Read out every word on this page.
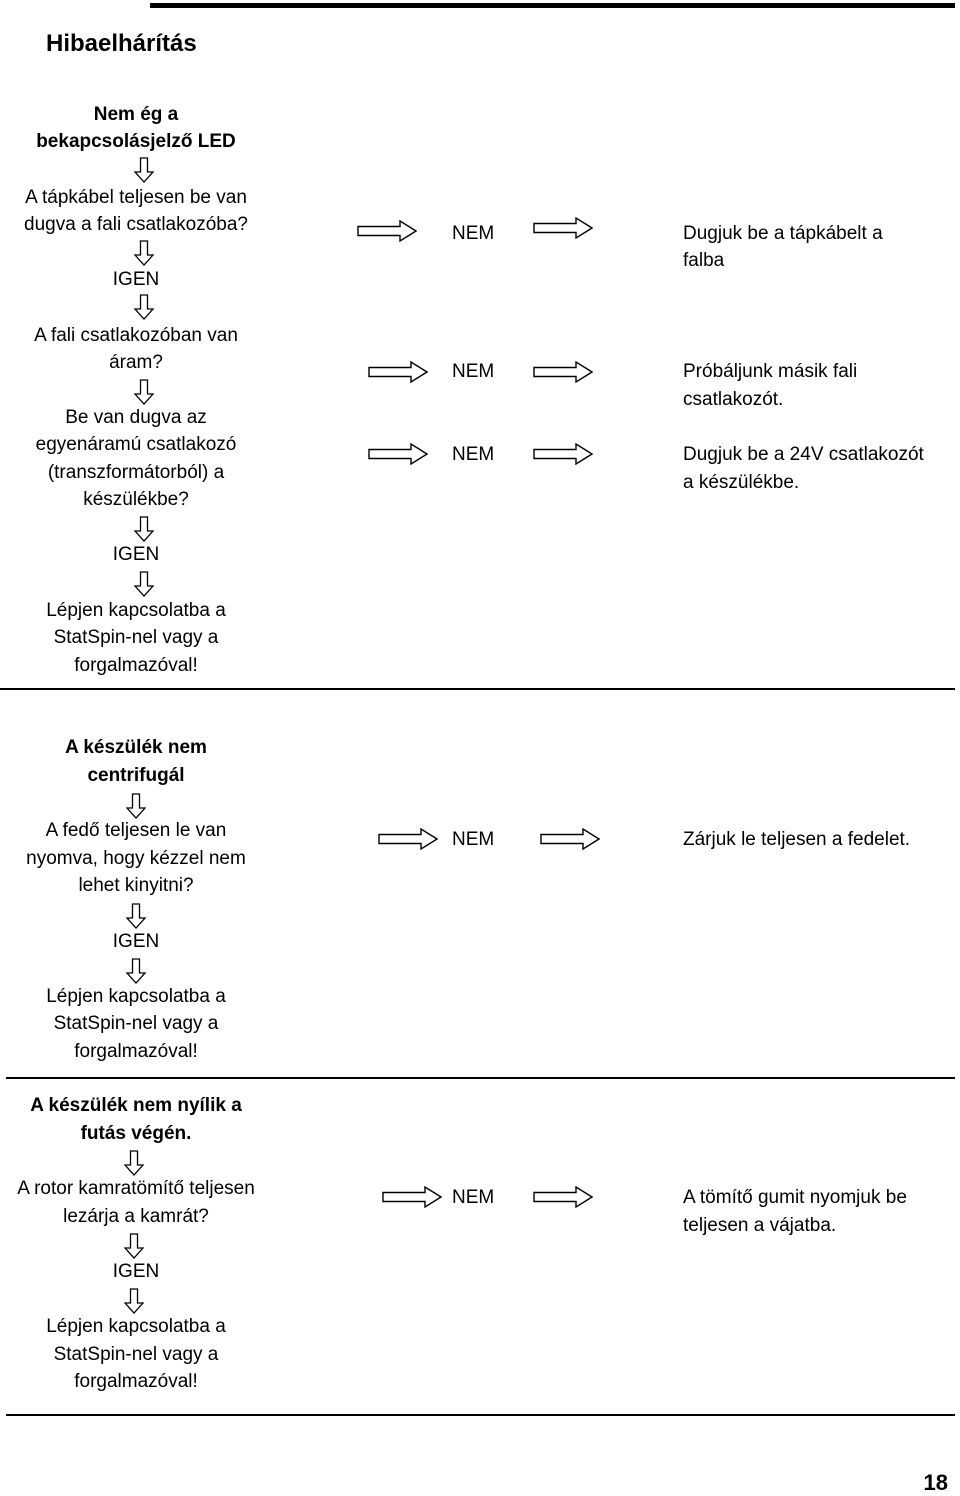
Hibaelhárítás
Nem ég a
bekapcsolásjelző LED
A tápkábel teljesen be van
dugva a fali csatlakozóba?
IGEN
A fali csatlakozóban van
áram?
Be van dugva az
egyenáramú csatlakozó
(transzformátorból) a
készülékbe?
IGEN
Lépjen kapcsolatba a
StatSpin-nel vagy a
forgalmazóval!
NEM	Dugjuk be a tápkábelt a
falba
NEM	Próbáljunk másik fali
csatlakozót.
NEM	Dugjuk be a 24V csatlakozót
a készülékbe.
A készülék nem
centrifugál
A fedő teljesen le van
nyomva, hogy kézzel nem
lehet kinyitni?
IGEN
Lépjen kapcsolatba a
StatSpin-nel vagy a
forgalmazóval!
NEM	Zárjuk le teljesen a fedelet.
A készülék nem nyílik a
futás végén.
A rotor kamratömítő teljesen
lezárja a kamrát?
IGEN
Lépjen kapcsolatba a
StatSpin-nel vagy a
forgalmazóval!
NEM	A tömítő gumit nyomjuk be
teljesen a vájatba.
18
